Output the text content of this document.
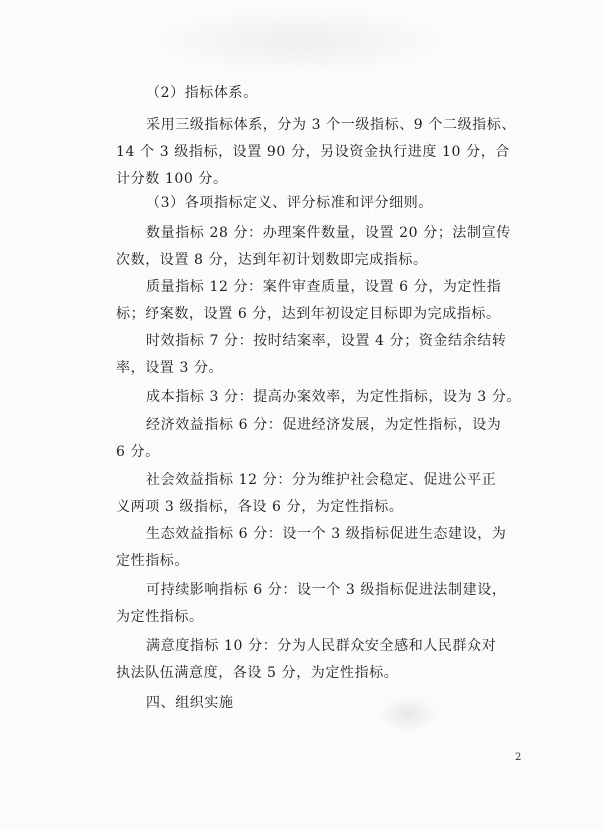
（2）指标体系。

采用三级指标体系，分为 3 个一级指标、9 个二级指标、
14 个 3 级指标，设置 90 分，另设资金执行进度 10 分，合
计分数 100 分。

（3）各项指标定义、评分标准和评分细则。

数量指标 28 分：办理案件数量，设置 20 分；法制宣传
次数，设置 8 分，达到年初计划数即完成指标。

质量指标 12 分：案件审查质量，设置 6 分，为定性指
标；纾案数，设置 6 分，达到年初设定目标即为完成指标。

时效指标 7 分：按时结案率，设置 4 分；资金结余结转
率，设置 3 分。

成本指标 3 分：提高办案效率，为定性指标，设为 3 分。

经济效益指标 6 分：促进经济发展，为定性指标，设为
6 分。

社会效益指标 12 分：分为维护社会稳定、促进公平正
义两项 3 级指标，各设 6 分，为定性指标。

生态效益指标 6 分：设一个 3 级指标促进生态建设，为
定性指标。

可持续影响指标 6 分：设一个 3 级指标促进法制建设，
为定性指标。

满意度指标 10 分：分为人民群众安全感和人民群众对
执法队伍满意度，各设 5 分，为定性指标。

四、组织实施

2
